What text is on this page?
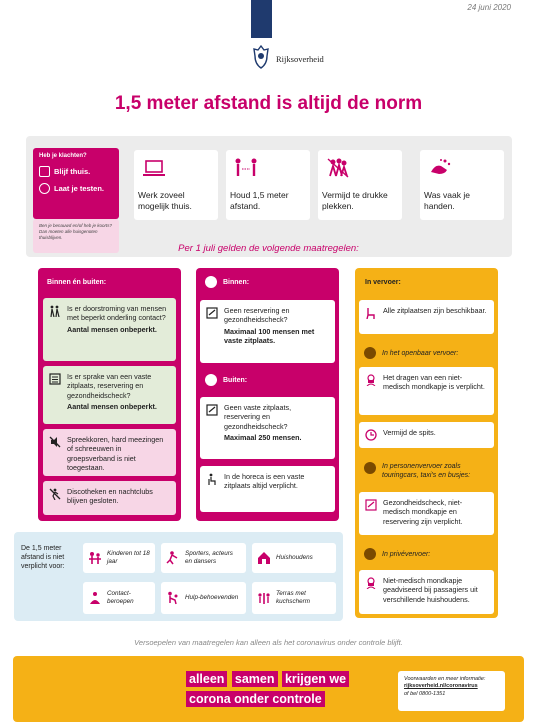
24 juni 2020
Rijksoverheid
1,5 meter afstand is altijd de norm
Heb je klachten?
Blijf thuis.
Laat je testen.
Ben je benauwd en/of heb je koorts? Dan moeten alle huisgenoten thuisblijven.
Werk zoveel mogelijk thuis.
Houd 1,5 meter afstand.
Vermijd te drukke plekken.
Was vaak je handen.
Per 1 juli gelden de volgende maatregelen:
Binnen én buiten:
Is er doorstroming van mensen met beperkt onderling contact?
Aantal mensen onbeperkt.
Is er sprake van een vaste zitplaats, reservering en gezondheidscheck?
Aantal mensen onbeperkt.
Spreekkoren, hard meezingen of schreeuwen in groepsverband is niet toegestaan.
Discotheken en nachtclubs blijven gesloten.
Binnen:
Geen reservering en gezondheidscheck?
Maximaal 100 mensen met vaste zitplaats.
Buiten:
Geen vaste zitplaats, reservering en gezondheidscheck?
Maximaal 250 mensen.
In de horeca is een vaste zitplaats altijd verplicht.
In vervoer:
Alle zitplaatsen zijn beschikbaar.
In het openbaar vervoer:
Het dragen van een niet-medisch mondkapje is verplicht.
Vermijd de spits.
In personenvervoer zoals touringcars, taxi's en busjes:
Gezondheidscheck, niet-medisch mondkapje en reservering zijn verplicht.
In privévervoer:
Niet-medisch mondkapje geadviseerd bij passagiers uit verschillende huishoudens.
De 1,5 meter afstand is niet verplicht voor:
Kinderen tot 18 jaar
Sporters, acteurs en dansers
Huishoudens
Contact-beroepen
Hulp-behoevenden
Terras met kuchscherm
Versoepelen van maatregelen kan alleen als het coronavirus onder controle blijft.
alleen samen krijgen we
corona onder controle
Voorwaarden en meer informatie:
rijksoverheid.nl/coronavirus
of bel 0800-1351
